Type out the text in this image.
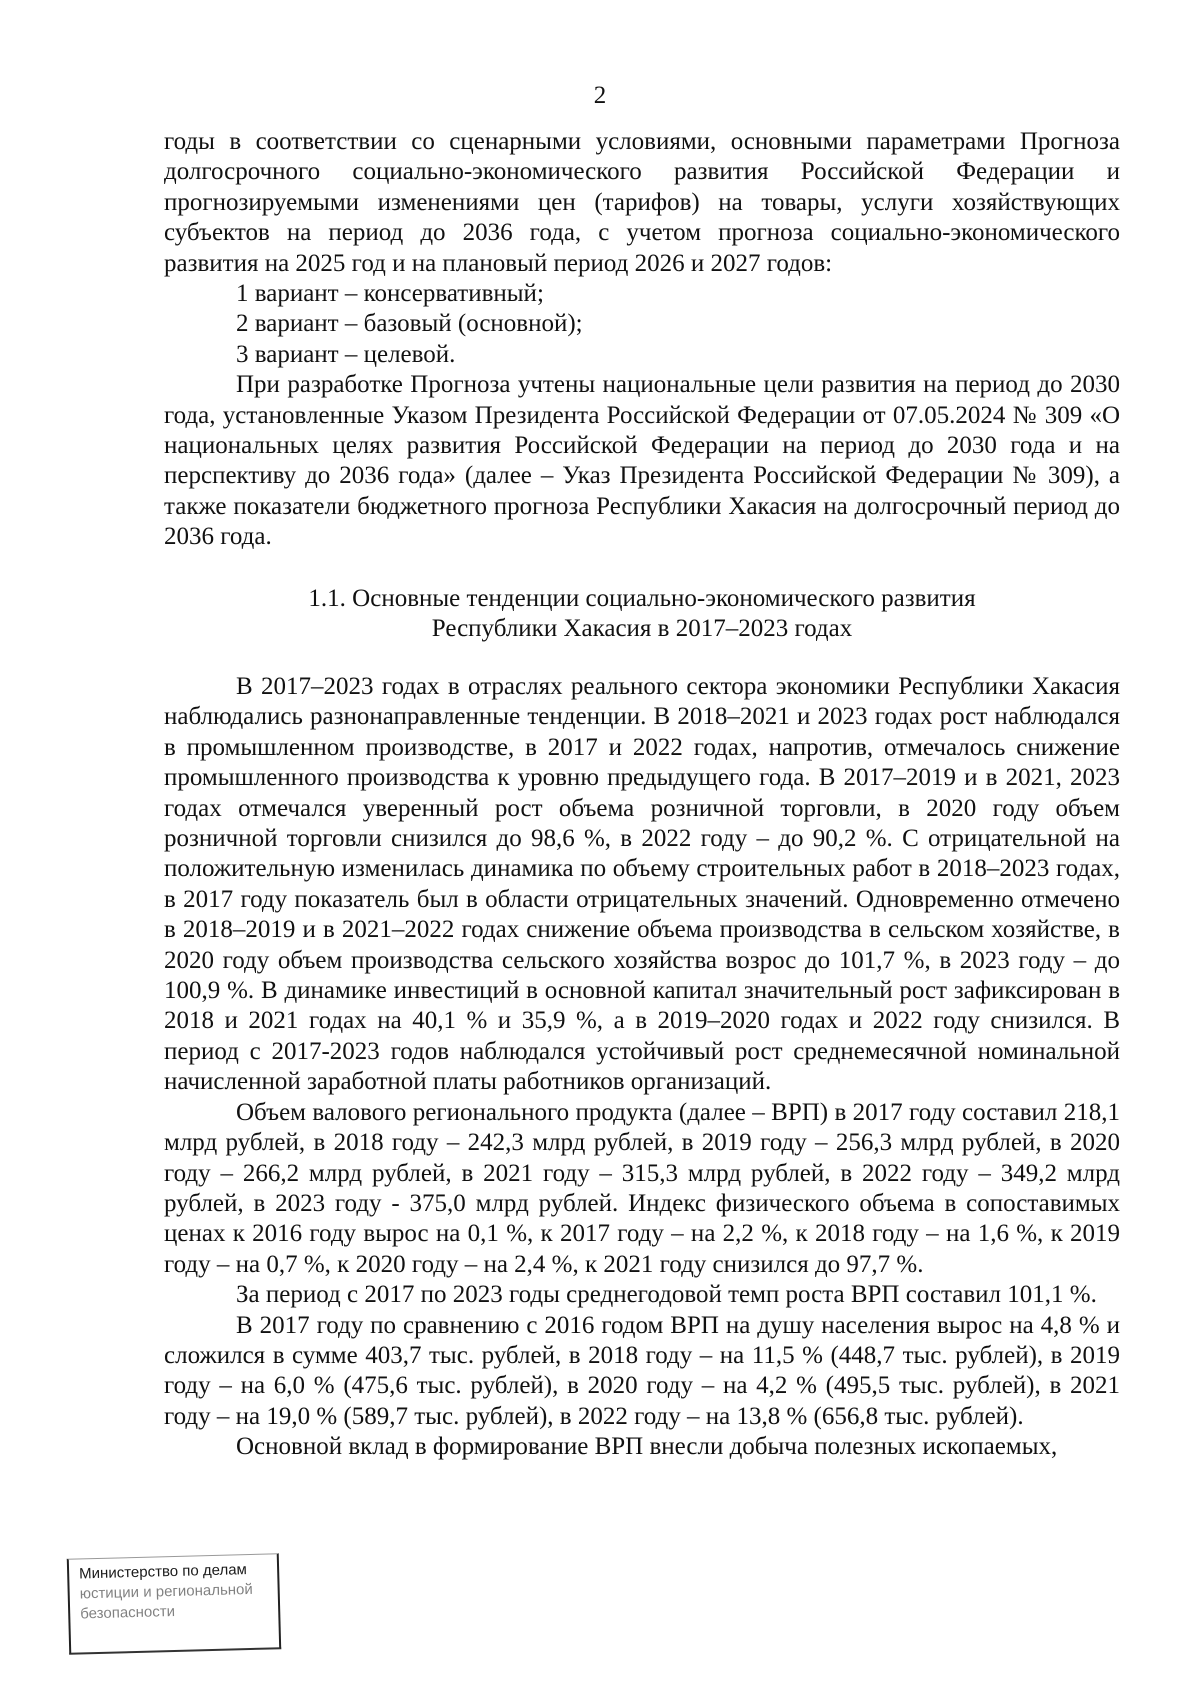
2

годы в соответствии со сценарными условиями, основными параметрами Прогноза долгосрочного социально-экономического развития Российской Федерации и прогнозируемыми изменениями цен (тарифов) на товары, услуги хозяйствующих субъектов на период до 2036 года, с учетом прогноза социально-экономического развития на 2025 год и на плановый период 2026 и 2027 годов:

1 вариант – консервативный;

2 вариант – базовый (основной);

3 вариант – целевой.

При разработке Прогноза учтены национальные цели развития на период до 2030 года, установленные Указом Президента Российской Федерации от 07.05.2024 № 309 «О национальных целях развития Российской Федерации на период до 2030 года и на перспективу до 2036 года» (далее – Указ Президента Российской Федерации № 309), а также показатели бюджетного прогноза Республики Хакасия на долгосрочный период до 2036 года.

1.1. Основные тенденции социально-экономического развития
Республики Хакасия в 2017–2023 годах

В 2017–2023 годах в отраслях реального сектора экономики Республики Хакасия наблюдались разнонаправленные тенденции. В 2018–2021 и 2023 годах рост наблюдался в промышленном производстве, в 2017 и 2022 годах, напротив, отмечалось снижение промышленного производства к уровню предыдущего года. В 2017–2019 и в 2021, 2023 годах отмечался уверенный рост объема розничной торговли, в 2020 году объем розничной торговли снизился до 98,6 %, в 2022 году – до 90,2 %. С отрицательной на положительную изменилась динамика по объему строительных работ в 2018–2023 годах, в 2017 году показатель был в области отрицательных значений. Одновременно отмечено в 2018–2019 и в 2021–2022 годах снижение объема производства в сельском хозяйстве, в 2020 году объем производства сельского хозяйства возрос до 101,7 %, в 2023 году – до 100,9 %. В динамике инвестиций в основной капитал значительный рост зафиксирован в 2018 и 2021 годах на 40,1 % и 35,9 %, а в 2019–2020 годах и 2022 году снизился. В период с 2017-2023 годов наблюдался устойчивый рост среднемесячной номинальной начисленной заработной платы работников организаций.

Объем валового регионального продукта (далее – ВРП) в 2017 году составил 218,1 млрд рублей, в 2018 году – 242,3 млрд рублей, в 2019 году – 256,3 млрд рублей, в 2020 году – 266,2 млрд рублей, в 2021 году – 315,3 млрд рублей, в 2022 году – 349,2 млрд рублей, в 2023 году - 375,0 млрд рублей. Индекс физического объема в сопоставимых ценах к 2016 году вырос на 0,1 %, к 2017 году – на 2,2 %, к 2018 году – на 1,6 %, к 2019 году – на 0,7 %, к 2020 году – на 2,4 %, к 2021 году снизился до 97,7 %.

За период с 2017 по 2023 годы среднегодовой темп роста ВРП составил 101,1 %.

В 2017 году по сравнению с 2016 годом ВРП на душу населения вырос на 4,8 % и сложился в сумме 403,7 тыс. рублей, в 2018 году – на 11,5 % (448,7 тыс. рублей), в 2019 году – на 6,0 % (475,6 тыс. рублей), в 2020 году – на 4,2 % (495,5 тыс. рублей), в 2021 году – на 19,0 % (589,7 тыс. рублей), в 2022 году – на 13,8 % (656,8 тыс. рублей).

Основной вклад в формирование ВРП внесли добыча полезных ископаемых,

Министерство по делам
юстиции и региональной
безопасности
